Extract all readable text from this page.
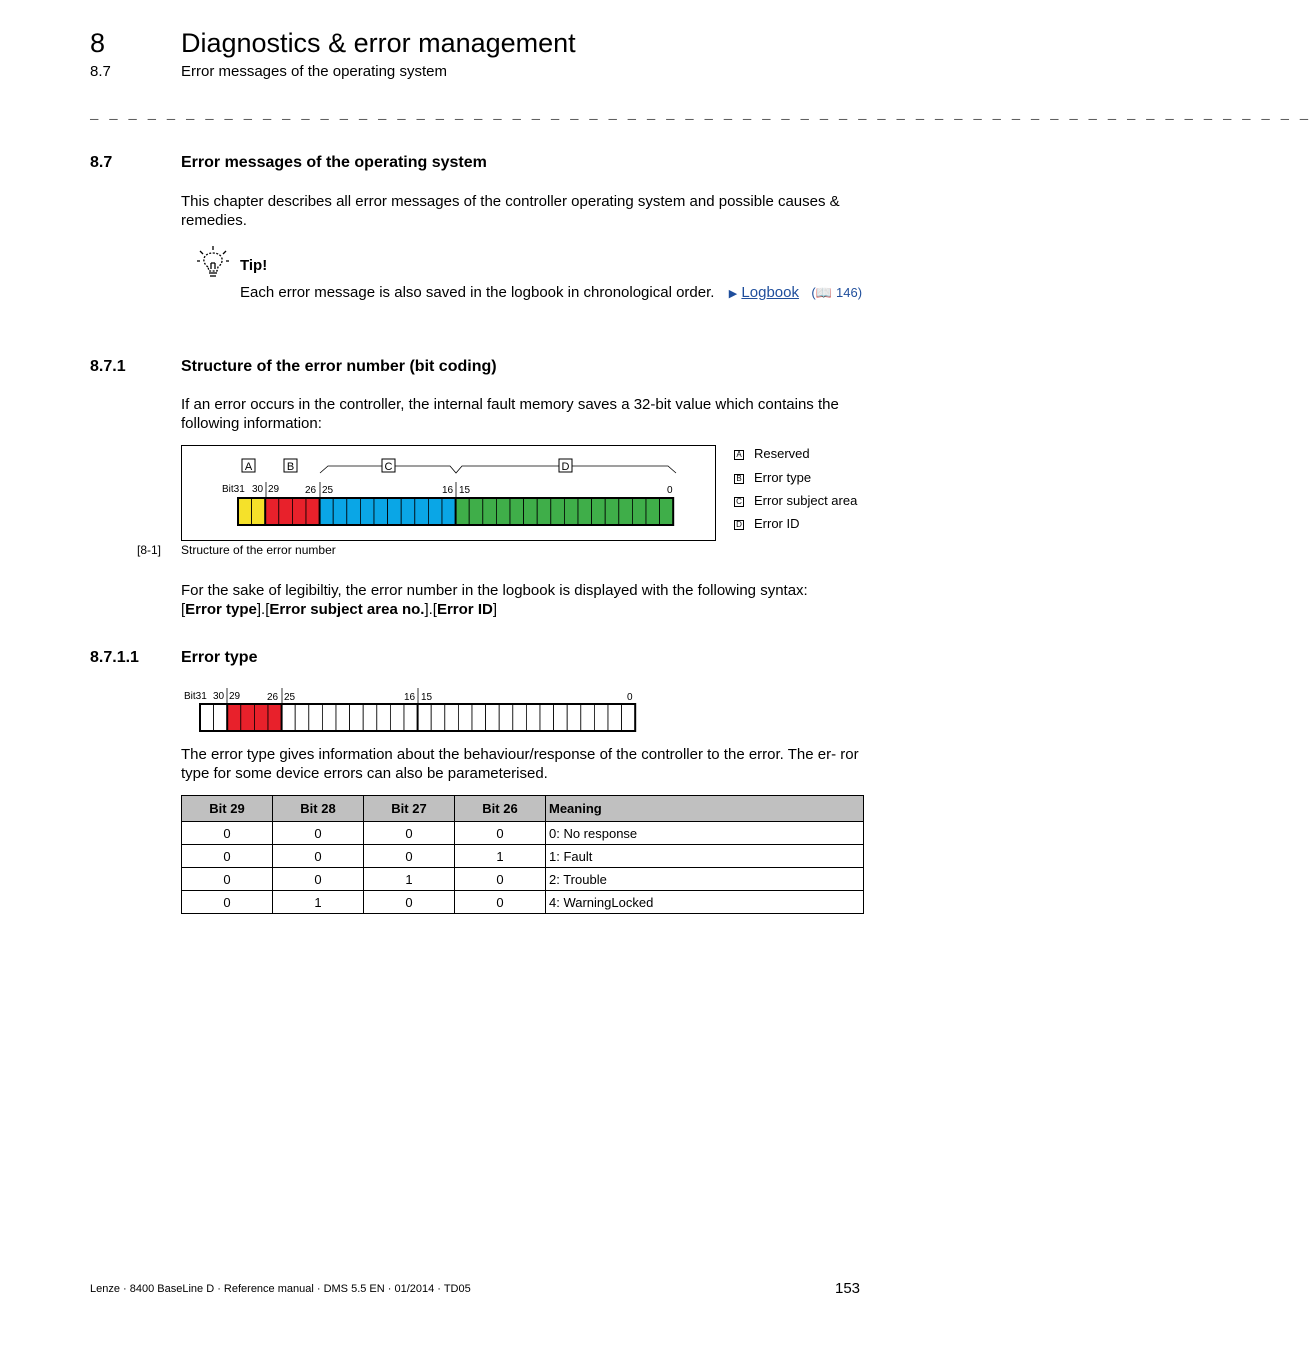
8	Diagnostics & error management
8.7	Error messages of the operating system
_ _ _ _ _ _ _ _ _ _ _ _ _ _ _ _ _ _ _ _ _ _ _ _ _ _ _ _ _ _ _ _ _ _ _ _ _ _ _ _ _ _ _ _ _ _ _ _ _ _ _ _ _ _ _ _ _ _ _ _ _ _ _ _
8.7	Error messages of the operating system
This chapter describes all error messages of the controller operating system and possible causes & remedies.
Tip!
Each error message is also saved in the logbook in chronological order. ▶ Logbook (📖 146)
8.7.1	Structure of the error number (bit coding)
If an error occurs in the controller, the internal fault memory saves a 32-bit value which contains the following information:
A	B	C	D
Bit31 30 29	26 25	16 15	0
A Reserved
B Error type
C Error subject area
D Error ID
[8-1] Structure of the error number
For the sake of legibiltiy, the error number in the logbook is displayed with the following syntax:
[Error type].[Error subject area no.].[Error ID]
8.7.1.1	Error type
Bit31 30 29	26 25	16 15	0
The error type gives information about the behaviour/response of the controller to the error. The er- ror type for some device errors can also be parameterised.
Bit 29	Bit 28	Bit 27	Bit 26	Meaning
0	0	0	0	0: No response
0	0	0	1	1: Fault
0	0	1	0	2: Trouble
0	1	0	0	4: WarningLocked
Lenze · 8400 BaseLine D · Reference manual · DMS 5.5 EN · 01/2014 · TD05	153
